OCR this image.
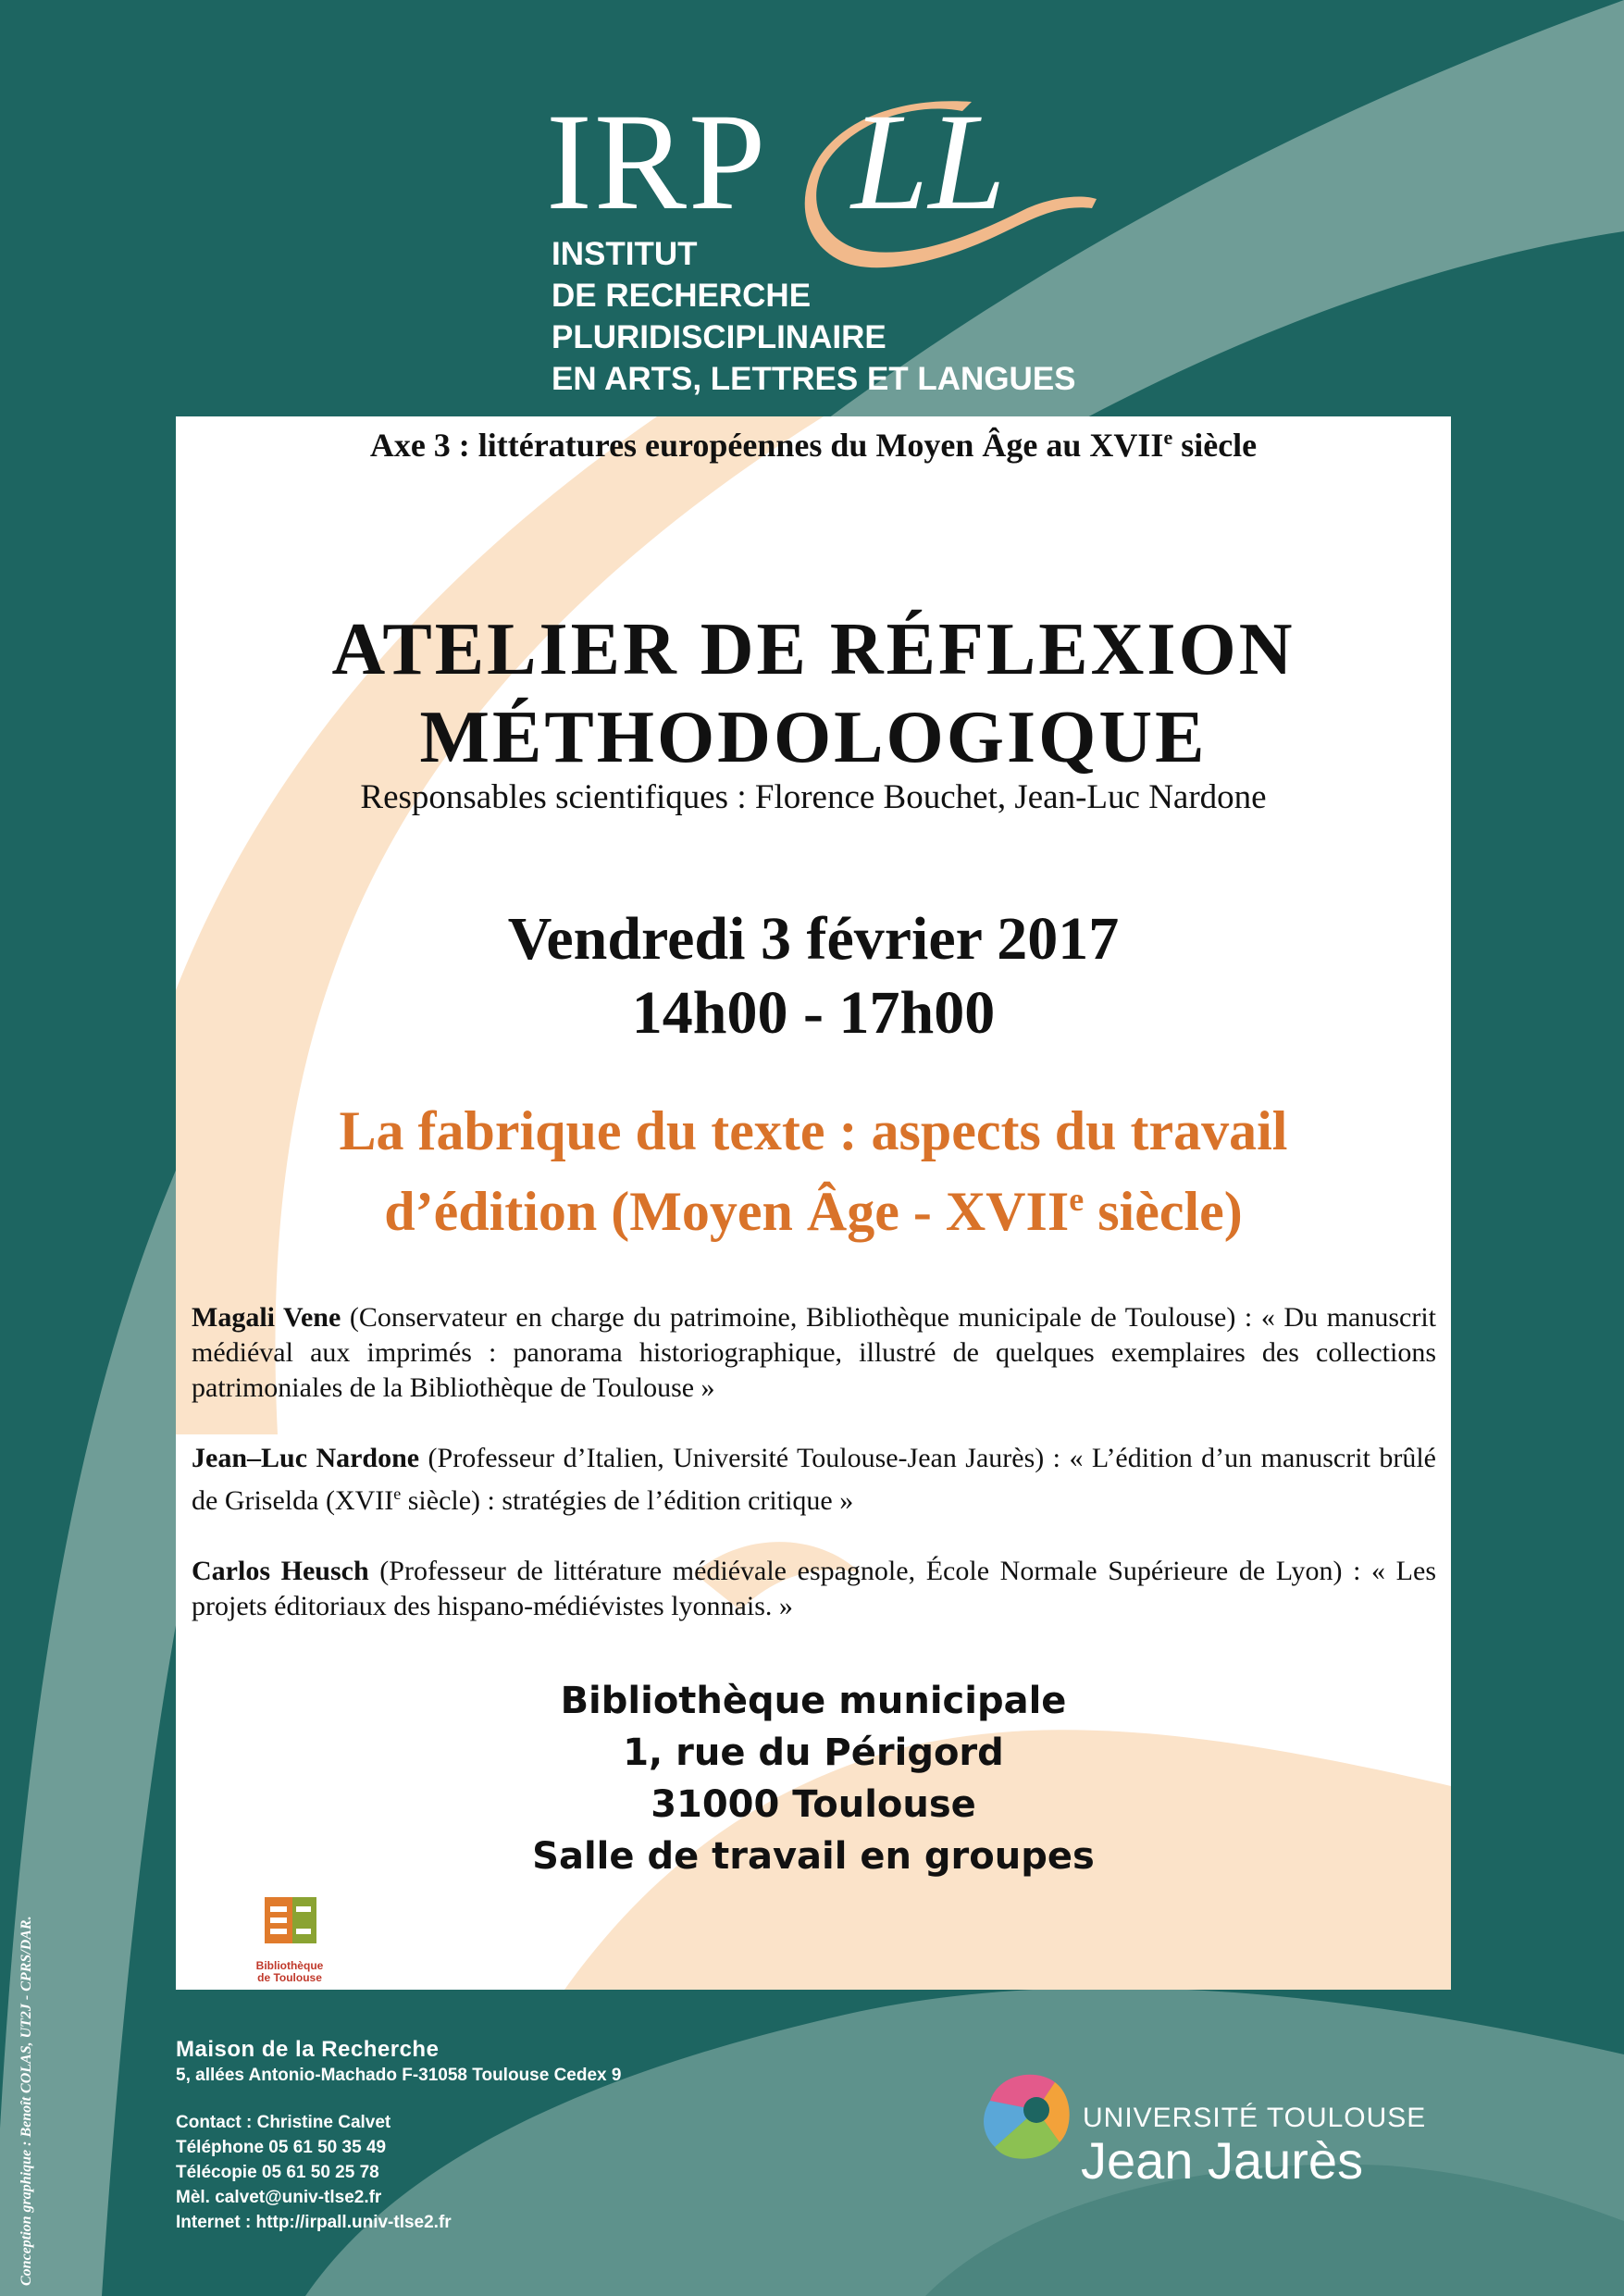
IRP LL
INSTITUT
DE RECHERCHE
PLURIDISCIPLINAIRE
EN ARTS, LETTRES ET LANGUES
Axe 3 : littératures européennes du Moyen Âge au XVIIe siècle
ATELIER DE RÉFLEXION
MÉTHODOLOGIQUE
Responsables scientifiques : Florence Bouchet, Jean-Luc Nardone
Vendredi 3 février 2017
14h00 - 17h00
La fabrique du texte : aspects du travail
d’édition (Moyen Âge - XVIIe siècle)
Magali Vene (Conservateur en charge du patrimoine, Bibliothèque municipale de Toulouse) : « Du manuscrit médiéval aux imprimés : panorama historiographique, illustré de quelques exemplaires des collections patrimoniales de la Bibliothèque de Toulouse »
Jean–Luc Nardone (Professeur d’Italien, Université Toulouse-Jean Jaurès) : « L’édition d’un manuscrit brûlé de Griselda (XVIIe siècle) : stratégies de l’édition critique »
Carlos Heusch (Professeur de littérature médiévale espagnole, École Normale Supérieure de Lyon) : « Les projets éditoriaux des hispano-médiévistes lyonnais. »
Bibliothèque municipale
1, rue du Périgord
31000 Toulouse
Salle de travail en groupes
Bibliothèque
de Toulouse
Maison de la Recherche
5, allées Antonio-Machado F-31058 Toulouse Cedex 9
Contact : Christine Calvet
Téléphone 05 61 50 35 49
Télécopie 05 61 50 25 78
Mèl. calvet@univ-tlse2.fr
Internet : http://irpall.univ-tlse2.fr
Conception graphique : Benoît COLAS, UT2J - CPRS/DAR.	UNIVERSITÉ TOULOUSE
Jean Jaurès
